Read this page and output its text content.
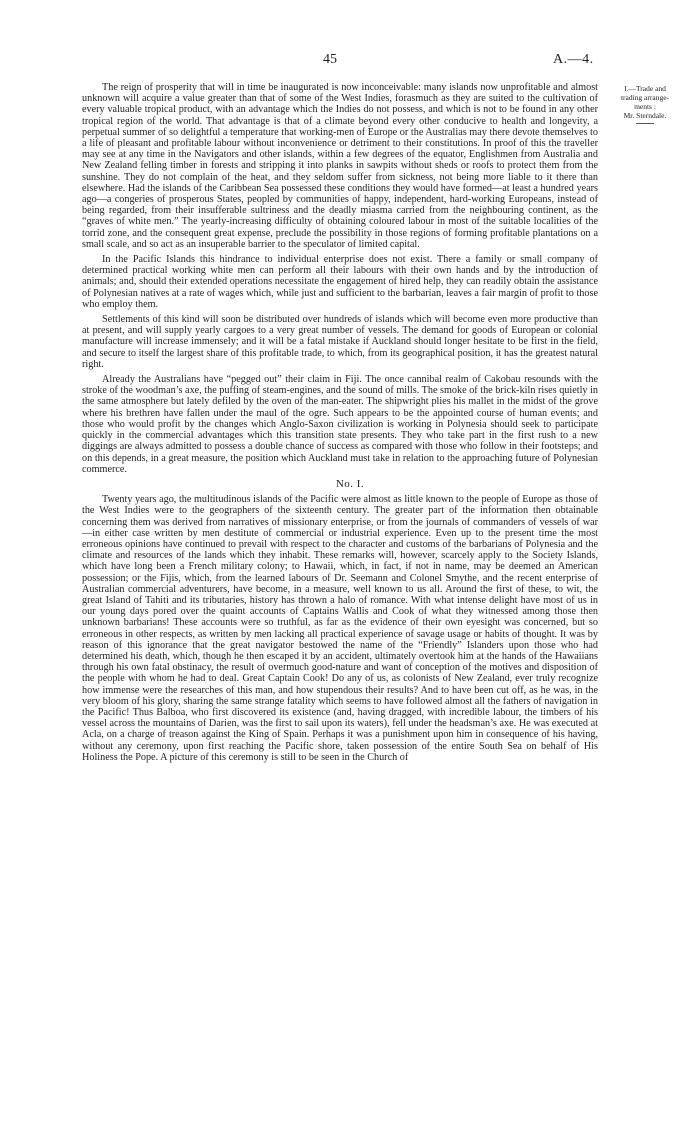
45	A.—4.
I.—Trade and
trading arrange-
ments :
Mr. Sterndale.

The reign of prosperity that will in time be inaugurated is now inconceivable: many islands now unprofitable and almost unknown will acquire a value greater than that of some of the West Indies, forasmuch as they are suited to the cultivation of every valuable tropical product, with an advantage which the Indies do not possess, and which is not to be found in any other tropical region of the world. That advantage is that of a climate beyond every other conducive to health and longevity, a perpetual summer of so delightful a temperature that working-men of Europe or the Australias may there devote themselves to a life of pleasant and profitable labour without inconvenience or detriment to their constitutions. In proof of this the traveller may see at any time in the Navigators and other islands, within a few degrees of the equator, Englishmen from Australia and New Zealand felling timber in forests and stripping it into planks in sawpits without sheds or roofs to protect them from the sunshine. They do not complain of the heat, and they seldom suffer from sickness, not being more liable to it there than elsewhere. Had the islands of the Caribbean Sea possessed these conditions they would have formed—at least a hundred years ago—a congeries of prosperous States, peopled by communities of happy, independent, hard-working Europeans, instead of being regarded, from their insufferable sultriness and the deadly miasma carried from the neighbouring continent, as the “graves of white men.” The yearly-increasing difficulty of obtaining coloured labour in most of the suitable localities of the torrid zone, and the consequent great expense, preclude the possibility in those regions of forming profitable plantations on a small scale, and so act as an insuperable barrier to the speculator of limited capital.

In the Pacific Islands this hindrance to individual enterprise does not exist. There a family or small company of determined practical working white men can perform all their labours with their own hands and by the introduction of animals; and, should their extended operations necessitate the engagement of hired help, they can readily obtain the assistance of Polynesian natives at a rate of wages which, while just and sufficient to the barbarian, leaves a fair margin of profit to those who employ them.

Settlements of this kind will soon be distributed over hundreds of islands which will become even more productive than at present, and will supply yearly cargoes to a very great number of vessels. The demand for goods of European or colonial manufacture will increase immensely; and it will be a fatal mistake if Auckland should longer hesitate to be first in the field, and secure to itself the largest share of this profitable trade, to which, from its geographical position, it has the greatest natural right.

Already the Australians have “pegged out” their claim in Fiji. The once cannibal realm of Cakobau resounds with the stroke of the woodman’s axe, the puffing of steam-engines, and the sound of mills. The smoke of the brick-kiln rises quietly in the same atmosphere but lately defiled by the oven of the man-eater. The shipwright plies his mallet in the midst of the grove where his brethren have fallen under the maul of the ogre. Such appears to be the appointed course of human events; and those who would profit by the changes which Anglo-Saxon civilization is working in Polynesia should seek to participate quickly in the commercial advantages which this transition state presents. They who take part in the first rush to a new diggings are always admitted to possess a double chance of success as compared with those who follow in their footsteps; and on this depends, in a great measure, the position which Auckland must take in relation to the approaching future of Polynesian commerce.

No. I.

Twenty years ago, the multitudinous islands of the Pacific were almost as little known to the people of Europe as those of the West Indies were to the geographers of the sixteenth century. The greater part of the information then obtainable concerning them was derived from narratives of missionary enterprise, or from the journals of commanders of vessels of war—in either case written by men destitute of commercial or industrial experience. Even up to the present time the most erroneous opinions have continued to prevail with respect to the character and customs of the barbarians of Polynesia and the climate and resources of the lands which they inhabit. These remarks will, however, scarcely apply to the Society Islands, which have long been a French military colony; to Hawaii, which, in fact, if not in name, may be deemed an American possession; or the Fijis, which, from the learned labours of Dr. Seemann and Colonel Smythe, and the recent enterprise of Australian commercial adventurers, have become, in a measure, well known to us all. Around the first of these, to wit, the great Island of Tahiti and its tributaries, history has thrown a halo of romance. With what intense delight have most of us in our young days pored over the quaint accounts of Captains Wallis and Cook of what they witnessed among those then unknown barbarians! These accounts were so truthful, as far as the evidence of their own eyesight was concerned, but so erroneous in other respects, as written by men lacking all practical experience of savage usage or habits of thought. It was by reason of this ignorance that the great navigator bestowed the name of the “Friendly” Islanders upon those who had determined his death, which, though he then escaped it by an accident, ultimately overtook him at the hands of the Hawaiians through his own fatal obstinacy, the result of overmuch good-nature and want of conception of the motives and disposition of the people with whom he had to deal. Great Captain Cook! Do any of us, as colonists of New Zealand, ever truly recognize how immense were the researches of this man, and how stupendous their results? And to have been cut off, as he was, in the very bloom of his glory, sharing the same strange fatality which seems to have followed almost all the fathers of navigation in the Pacific! Thus Balboa, who first discovered its existence (and, having dragged, with incredible labour, the timbers of his vessel across the mountains of Darien, was the first to sail upon its waters), fell under the headsman’s axe. He was executed at Acla, on a charge of treason against the King of Spain. Perhaps it was a punishment upon him in consequence of his having, without any ceremony, upon first reaching the Pacific shore, taken possession of the entire South Sea on behalf of His Holiness the Pope. A picture of this ceremony is still to be seen in the Church of
